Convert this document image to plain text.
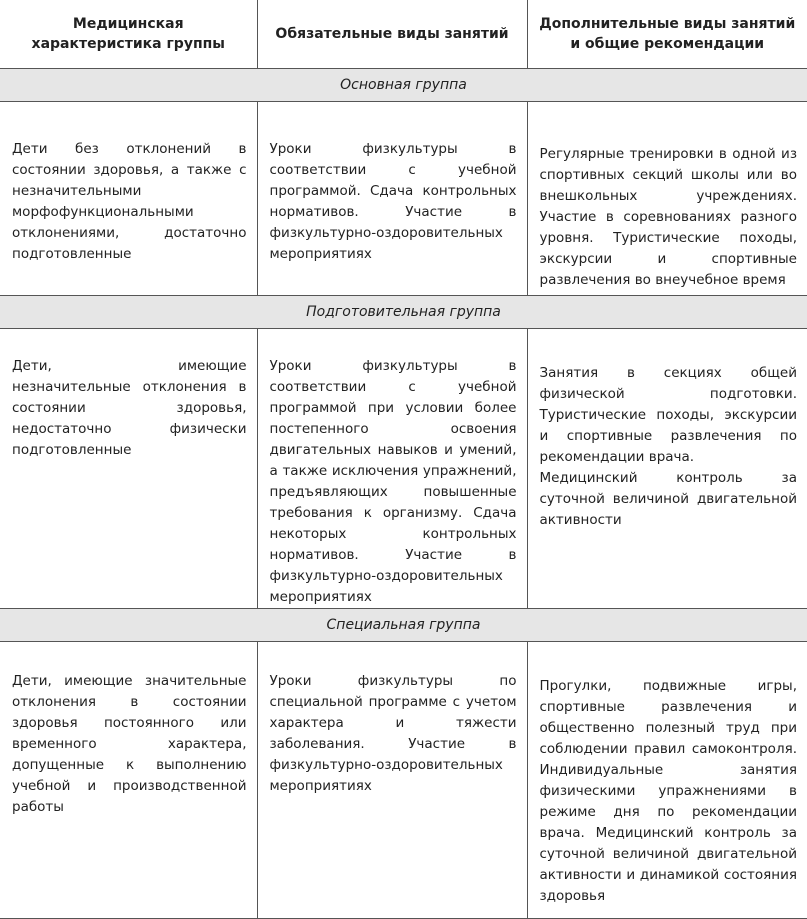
Медицинская характеристика группы	Обязательные виды занятий	Дополнительные виды занятий и общие рекомендации
Основная группа		
Дети без отклонений в состоянии здоровья, а также с незначительными морфофункциональными отклонениями, достаточно подготовленные	Уроки физкультуры в соответствии с учебной программой. Сдача контрольных нормативов. Участие в физкультурно-оздоровительных мероприятиях	Регулярные тренировки в одной из спортивных секций школы или во внешкольных учреждениях. Участие в соревнованиях разного уровня. Туристические походы, экскурсии и спортивные развлечения во внеучебное время

Подготовительная группа		
Дети, имеющие незначительные отклонения в состоянии здоровья, недостаточно физически подготовленные	Уроки физкультуры в соответствии с учебной программой при условии более постепенного освоения двигательных навыков и умений, а также исключения упражнений, предъявляющих повышенные требования к организму. Сдача некоторых контрольных нормативов. Участие в физкультурно-оздоровительных мероприятиях	Занятия в секциях общей физической подготовки. Туристические походы, экскурсии и спортивные развлечения по рекомендации врача.
Медицинский контроль за суточной величиной двигательной активности

Специальная группа		
Дети, имеющие значительные отклонения в состоянии здоровья постоянного или временного характера, допущенные к выполнению учебной и производственной работы	Уроки физкультуры по специальной программе с учетом характера и тяжести заболевания. Участие в физкультурно-оздоровительных мероприятиях	Прогулки, подвижные игры, спортивные развлечения и общественно полезный труд при соблюдении правил самоконтроля. Индивидуальные занятия физическими упражнениями в режиме дня по рекомендации врача. Медицинский контроль за суточной величиной двигательной активности и динамикой состояния здоровья
